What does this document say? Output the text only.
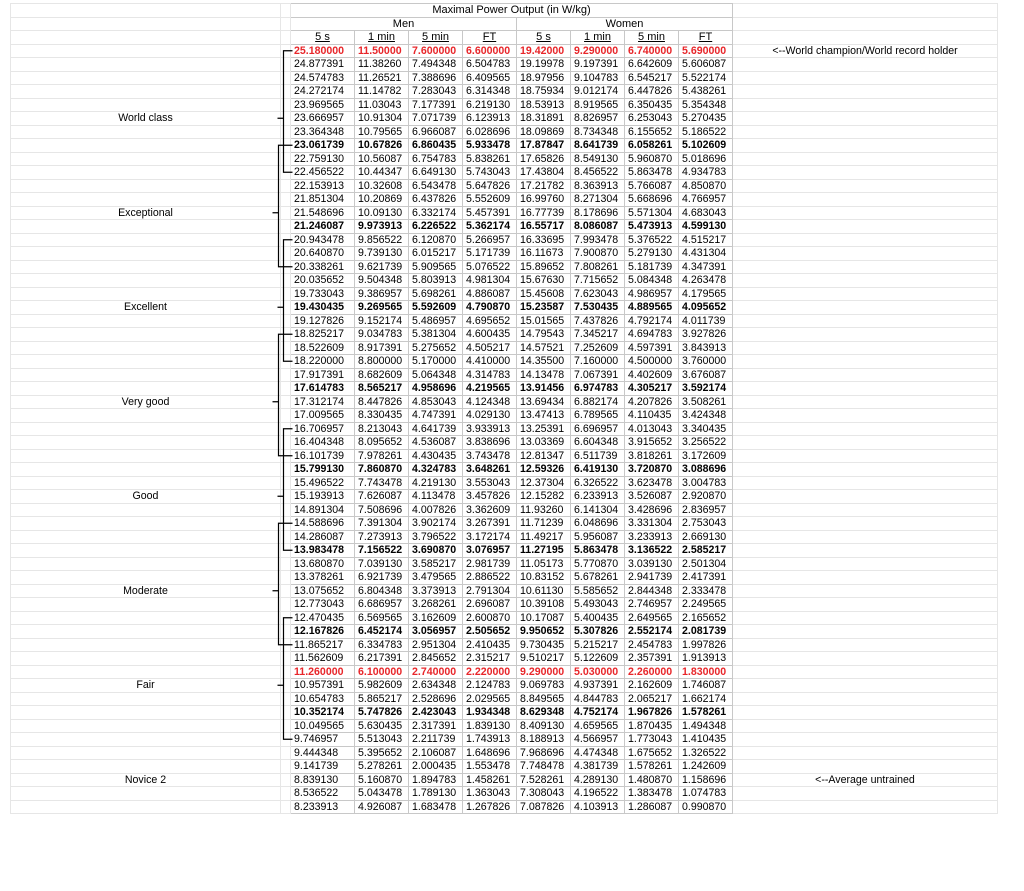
		Maximal Power Output (in W/kg)								
		Men				Women				
		5 s	1 min	5 min	FT	5 s	1 min	5 min	FT	
		25.180000	11.50000	7.600000	6.600000	19.42000	9.290000	6.740000	5.690000	<--World champion/World record holder
		24.877391	11.38260	7.494348	6.504783	19.19978	9.197391	6.642609	5.606087	
		24.574783	11.26521	7.388696	6.409565	18.97956	9.104783	6.545217	5.522174	
		24.272174	11.14782	7.283043	6.314348	18.75934	9.012174	6.447826	5.438261	
		23.969565	11.03043	7.177391	6.219130	18.53913	8.919565	6.350435	5.354348	
World class		23.666957	10.91304	7.071739	6.123913	18.31891	8.826957	6.253043	5.270435	
		23.364348	10.79565	6.966087	6.028696	18.09869	8.734348	6.155652	5.186522	
		23.061739	10.67826	6.860435	5.933478	17.87847	8.641739	6.058261	5.102609	
		22.759130	10.56087	6.754783	5.838261	17.65826	8.549130	5.960870	5.018696	
		22.456522	10.44347	6.649130	5.743043	17.43804	8.456522	5.863478	4.934783	
		22.153913	10.32608	6.543478	5.647826	17.21782	8.363913	5.766087	4.850870	
		21.851304	10.20869	6.437826	5.552609	16.99760	8.271304	5.668696	4.766957	
Exceptional		21.548696	10.09130	6.332174	5.457391	16.77739	8.178696	5.571304	4.683043	
		21.246087	9.973913	6.226522	5.362174	16.55717	8.086087	5.473913	4.599130	
		20.943478	9.856522	6.120870	5.266957	16.33695	7.993478	5.376522	4.515217	
		20.640870	9.739130	6.015217	5.171739	16.11673	7.900870	5.279130	4.431304	
		20.338261	9.621739	5.909565	5.076522	15.89652	7.808261	5.181739	4.347391	
		20.035652	9.504348	5.803913	4.981304	15.67630	7.715652	5.084348	4.263478	
		19.733043	9.386957	5.698261	4.886087	15.45608	7.623043	4.986957	4.179565	
Excellent		19.430435	9.269565	5.592609	4.790870	15.23587	7.530435	4.889565	4.095652	
		19.127826	9.152174	5.486957	4.695652	15.01565	7.437826	4.792174	4.011739	
		18.825217	9.034783	5.381304	4.600435	14.79543	7.345217	4.694783	3.927826	
		18.522609	8.917391	5.275652	4.505217	14.57521	7.252609	4.597391	3.843913	
		18.220000	8.800000	5.170000	4.410000	14.35500	7.160000	4.500000	3.760000	
		17.917391	8.682609	5.064348	4.314783	14.13478	7.067391	4.402609	3.676087	
		17.614783	8.565217	4.958696	4.219565	13.91456	6.974783	4.305217	3.592174	
Very good		17.312174	8.447826	4.853043	4.124348	13.69434	6.882174	4.207826	3.508261	
		17.009565	8.330435	4.747391	4.029130	13.47413	6.789565	4.110435	3.424348	
		16.706957	8.213043	4.641739	3.933913	13.25391	6.696957	4.013043	3.340435	
		16.404348	8.095652	4.536087	3.838696	13.03369	6.604348	3.915652	3.256522	
		16.101739	7.978261	4.430435	3.743478	12.81347	6.511739	3.818261	3.172609	
		15.799130	7.860870	4.324783	3.648261	12.59326	6.419130	3.720870	3.088696	
		15.496522	7.743478	4.219130	3.553043	12.37304	6.326522	3.623478	3.004783	
Good		15.193913	7.626087	4.113478	3.457826	12.15282	6.233913	3.526087	2.920870	
		14.891304	7.508696	4.007826	3.362609	11.93260	6.141304	3.428696	2.836957	
		14.588696	7.391304	3.902174	3.267391	11.71239	6.048696	3.331304	2.753043	
		14.286087	7.273913	3.796522	3.172174	11.49217	5.956087	3.233913	2.669130	
		13.983478	7.156522	3.690870	3.076957	11.27195	5.863478	3.136522	2.585217	
		13.680870	7.039130	3.585217	2.981739	11.05173	5.770870	3.039130	2.501304	
		13.378261	6.921739	3.479565	2.886522	10.83152	5.678261	2.941739	2.417391	
Moderate		13.075652	6.804348	3.373913	2.791304	10.61130	5.585652	2.844348	2.333478	
		12.773043	6.686957	3.268261	2.696087	10.39108	5.493043	2.746957	2.249565	
		12.470435	6.569565	3.162609	2.600870	10.17087	5.400435	2.649565	2.165652	
		12.167826	6.452174	3.056957	2.505652	9.950652	5.307826	2.552174	2.081739	
		11.865217	6.334783	2.951304	2.410435	9.730435	5.215217	2.454783	1.997826	
		11.562609	6.217391	2.845652	2.315217	9.510217	5.122609	2.357391	1.913913	
		11.260000	6.100000	2.740000	2.220000	9.290000	5.030000	2.260000	1.830000	
Fair		10.957391	5.982609	2.634348	2.124783	9.069783	4.937391	2.162609	1.746087	
		10.654783	5.865217	2.528696	2.029565	8.849565	4.844783	2.065217	1.662174	
		10.352174	5.747826	2.423043	1.934348	8.629348	4.752174	1.967826	1.578261	
		10.049565	5.630435	2.317391	1.839130	8.409130	4.659565	1.870435	1.494348	
		9.746957	5.513043	2.211739	1.743913	8.188913	4.566957	1.773043	1.410435	
		9.444348	5.395652	2.106087	1.648696	7.968696	4.474348	1.675652	1.326522	
		9.141739	5.278261	2.000435	1.553478	7.748478	4.381739	1.578261	1.242609	
Novice 2		8.839130	5.160870	1.894783	1.458261	7.528261	4.289130	1.480870	1.158696	<--Average untrained
		8.536522	5.043478	1.789130	1.363043	7.308043	4.196522	1.383478	1.074783	
		8.233913	4.926087	1.683478	1.267826	7.087826	4.103913	1.286087	0.990870	
